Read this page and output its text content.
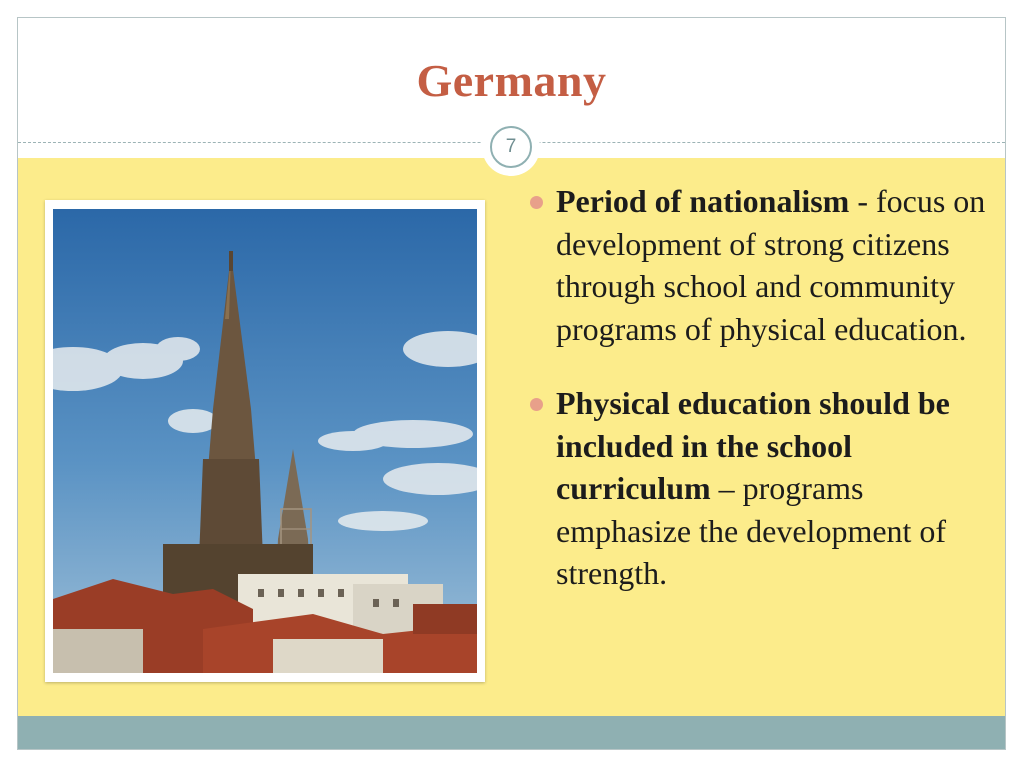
Germany
7
Period of nationalism - focus on development of strong citizens through school and community programs of physical education.
Physical education should be included in the school curriculum – programs emphasize the development of strength.
